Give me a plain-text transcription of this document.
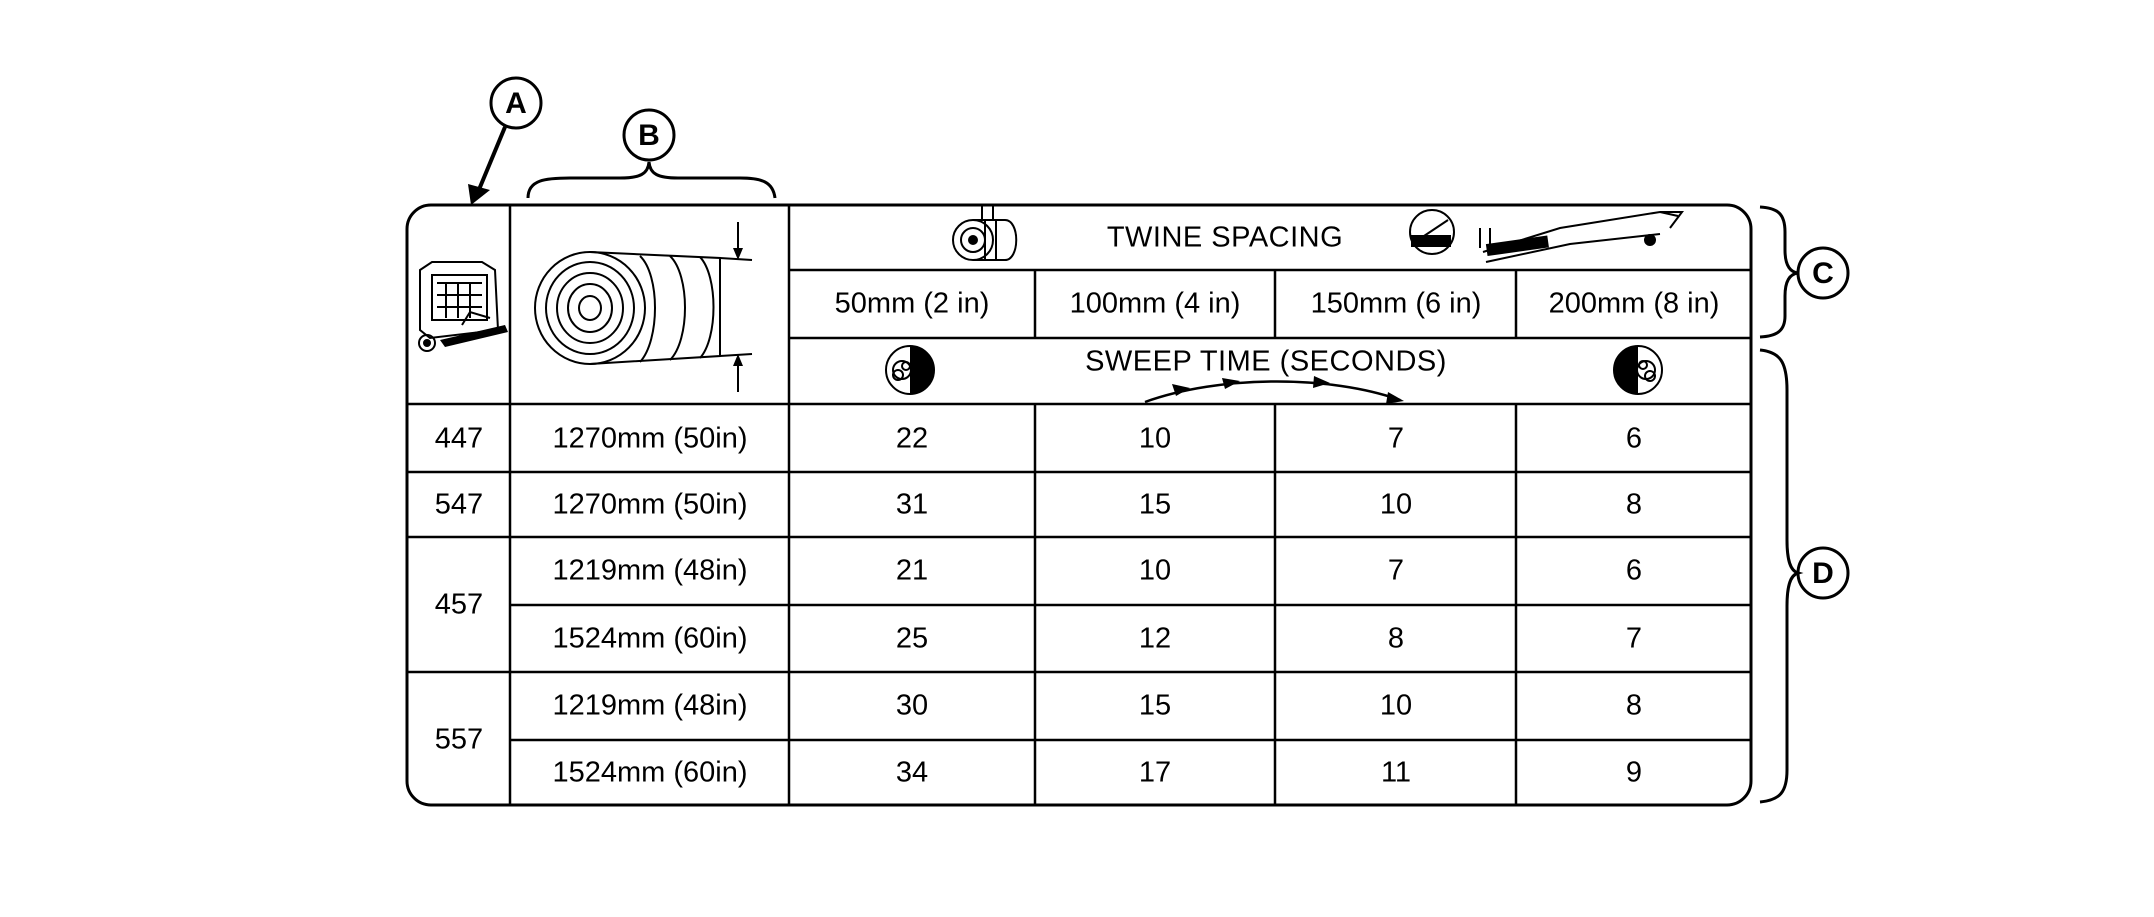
A
B
C
D
TWINE SPACING
SWEEP TIME (SECONDS)
50mm (2 in)	100mm (4 in) 150mm (6 in) 200mm (8 in)
447 1270mm (50in)	22	10	7	6
547 1270mm (50in)	31	15	10	8
457
1219mm (48in)	21	10	7	6
1524mm (60in)	25	12	8	7
557
1219mm (48in)	30	15	10	8
1524mm (60in)	34	17	11	9
